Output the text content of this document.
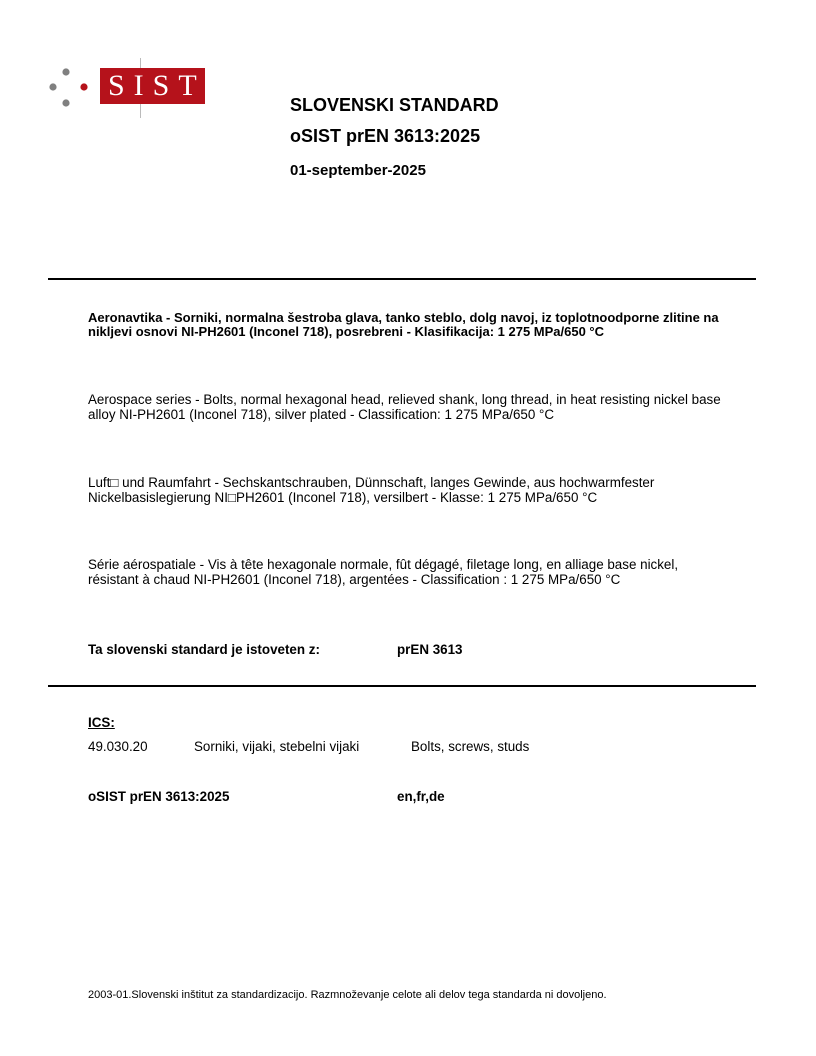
SIST
SLOVENSKI STANDARD
oSIST prEN 3613:2025
01-september-2025
Aeronavtika - Sorniki, normalna šestroba glava, tanko steblo, dolg navoj, iz toplotnoodporne zlitine na nikljevi osnovi NI-PH2601 (Inconel 718), posrebreni - Klasifikacija: 1 275 MPa/650 °C
Aerospace series - Bolts, normal hexagonal head, relieved shank, long thread, in heat resisting nickel base alloy NI-PH2601 (Inconel 718), silver plated - Classification: 1 275 MPa/650 °C
Luft□ und Raumfahrt - Sechskantschrauben, Dünnschaft, langes Gewinde, aus hochwarmfester Nickelbasislegierung NI□PH2601 (Inconel 718), versilbert - Klasse: 1 275 MPa/650 °C
Série aérospatiale - Vis à tête hexagonale normale, fût dégagé, filetage long, en alliage base nickel, résistant à chaud NI-PH2601 (Inconel 718), argentées - Classification : 1 275 MPa/650 °C
Ta slovenski standard je istoveten z:	prEN 3613
ICS:
49.030.20	Sorniki, vijaki, stebelni vijaki	Bolts, screws, studs
oSIST prEN 3613:2025	en,fr,de
2003-01.Slovenski inštitut za standardizacijo. Razmnoževanje celote ali delov tega standarda ni dovoljeno.
